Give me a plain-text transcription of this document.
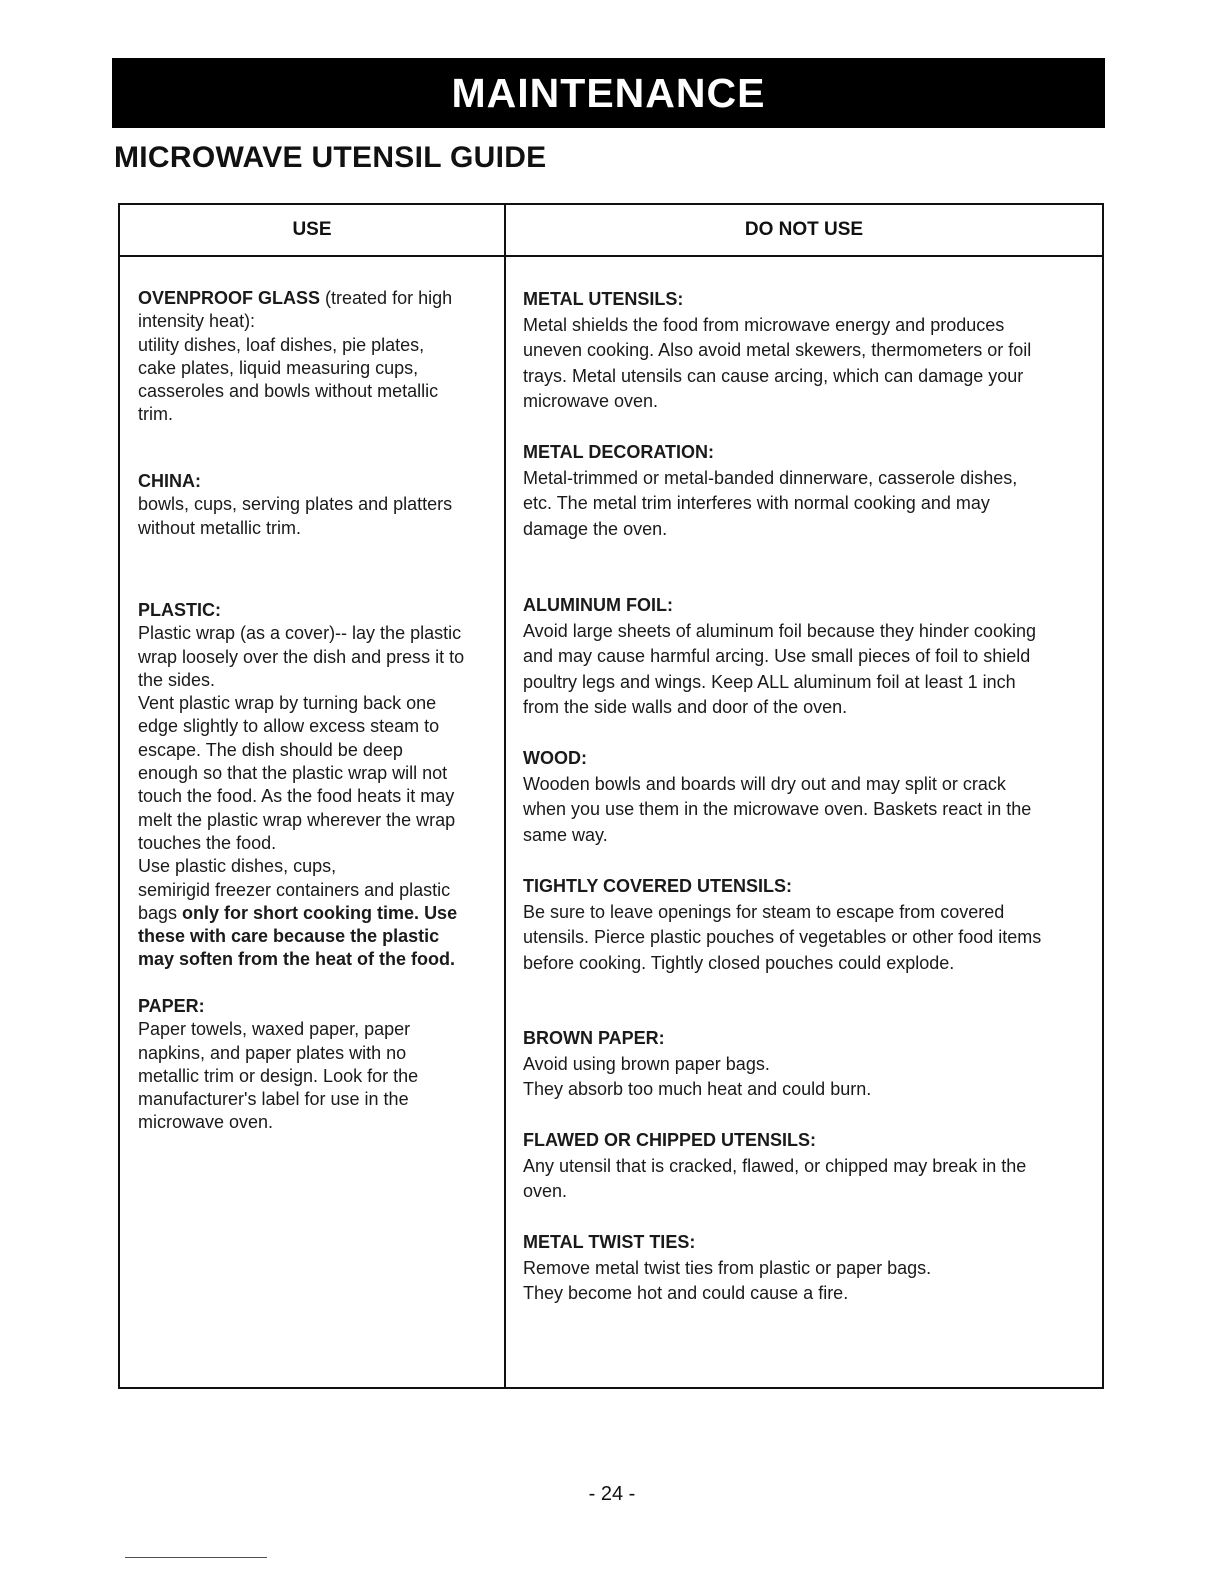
MAINTENANCE
MICROWAVE UTENSIL GUIDE
USE	DO NOT USE
OVENPROOF GLASS (treated for high
intensity heat):
utility dishes, loaf dishes, pie plates,
cake plates, liquid measuring cups,
casseroles and bowls without metallic
trim.
CHINA:
bowls, cups, serving plates and platters
without metallic trim.
PLASTIC:
Plastic wrap (as a cover)-- lay the plastic
wrap loosely over the dish and press it to
the sides.
Vent plastic wrap by turning back one
edge slightly to allow excess steam to
escape. The dish should be deep
enough so that the plastic wrap will not
touch the food. As the food heats it may
melt the plastic wrap wherever the wrap
touches the food.
Use plastic dishes, cups,
semirigid freezer containers and plastic
bags only for short cooking time. Use
these with care because the plastic
may soften from the heat of the food.
PAPER:
Paper towels, waxed paper, paper
napkins, and paper plates with no
metallic trim or design. Look for the
manufacturer's label for use in the
microwave oven.
METAL UTENSILS:
Metal shields the food from microwave energy and produces
uneven cooking. Also avoid metal skewers, thermometers or foil
trays. Metal utensils can cause arcing, which can damage your
microwave oven.
METAL DECORATION:
Metal-trimmed or metal-banded dinnerware, casserole dishes,
etc. The metal trim interferes with normal cooking and may
damage the oven.
ALUMINUM FOIL:
Avoid large sheets of aluminum foil because they hinder cooking
and may cause harmful arcing. Use small pieces of foil to shield
poultry legs and wings. Keep ALL aluminum foil at least 1 inch
from the side walls and door of the oven.
WOOD:
Wooden bowls and boards will dry out and may split or crack
when you use them in the microwave oven. Baskets react in the
same way.
TIGHTLY COVERED UTENSILS:
Be sure to leave openings for steam to escape from covered
utensils. Pierce plastic pouches of vegetables or other food items
before cooking. Tightly closed pouches could explode.
BROWN PAPER:
Avoid using brown paper bags.
They absorb too much heat and could burn.
FLAWED OR CHIPPED UTENSILS:
Any utensil that is cracked, flawed, or chipped may break in the
oven.
METAL TWIST TIES:
Remove metal twist ties from plastic or paper bags.
They become hot and could cause a fire.
- 24 -
